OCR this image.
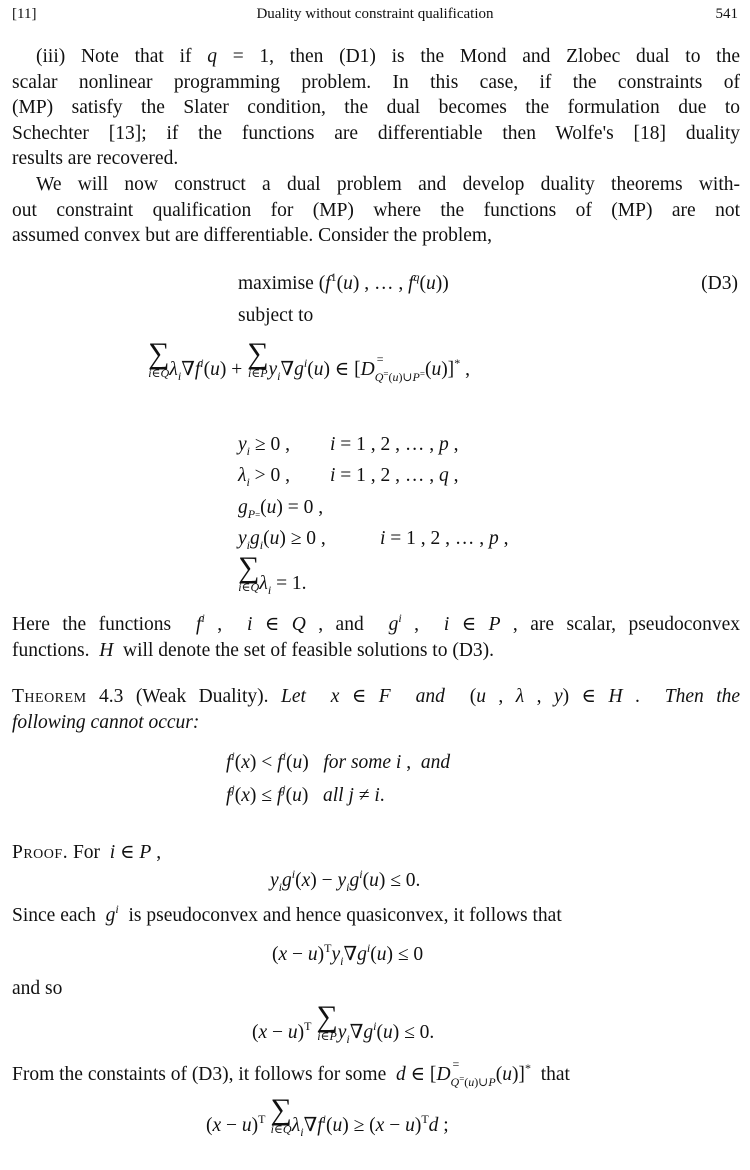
[11]	Duality without constraint qualification	541
(iii) Note that if q = 1, then (D1) is the Mond and Zlobec dual to the
scalar nonlinear programming problem. In this case, if the constraints of
(MP) satisfy the Slater condition, the dual becomes the formulation due to
Schechter [13]; if the functions are differentiable then Wolfe's [18] duality
results are recovered.
We will now construct a dual problem and develop duality theorems with-
out constraint qualification for (MP) where the functions of (MP) are not
assumed convex but are differentiable. Consider the problem,
maximise ($f^1(u)$ , … , $f^q(u)$)	(D3)
subject to
∑
i∈Q $\lambda_i\nabla f^i(u)$ + ∑
i∈P $y_i\nabla g^i(u)$ ∈ [D $_{= Q^=(u)\cup P^=}$(u)]* ,
$y_i \ge 0$ , i = 1 , 2 , … , p ,
$\lambda_i > 0$ , i = 1 , 2 , … , q ,
$g_{P=}(u) = 0$ ,
$y_ig_i(u) \ge 0$ ,	i = 1 , 2 , … , p ,
∑
i∈Q $\lambda_i = 1$.
Here the functions  $f^i$ ,  i ∈ Q , and  $g^i$ ,  i ∈ P , are scalar, pseudoconvex
functions.  H  will denote the set of feasible solutions to (D3).
Theorem 4.3 (Weak Duality). Let  x ∈ F  and  (u , λ , y) ∈ H .  Then the
following cannot occur:
$f^i(x) < f^i(u)$   for some i ,  and
$f^j(x) \le f^j(u)$   all j ≠ i.
Proof. For  i ∈ P ,
$y_ig^i(x) - y_ig^i(u) \le 0$.
Since each  $g^i$  is pseudoconvex and hence quasiconvex, it follows that
$(x - u)^Ty_i\nabla g^i(u) \le 0$
and so
$(x - u)^T$ ∑
i∈P $y_i\nabla g^i(u) \le 0$.
From the constaints of (D3), it follows for some  d ∈ [D $_{= Q^=(u)\cup P}$(u)]*  that
$(x - u)^T$ ∑
i∈Q $\lambda_i\nabla f^i(u) \ge (x - u)^Td$ ;
